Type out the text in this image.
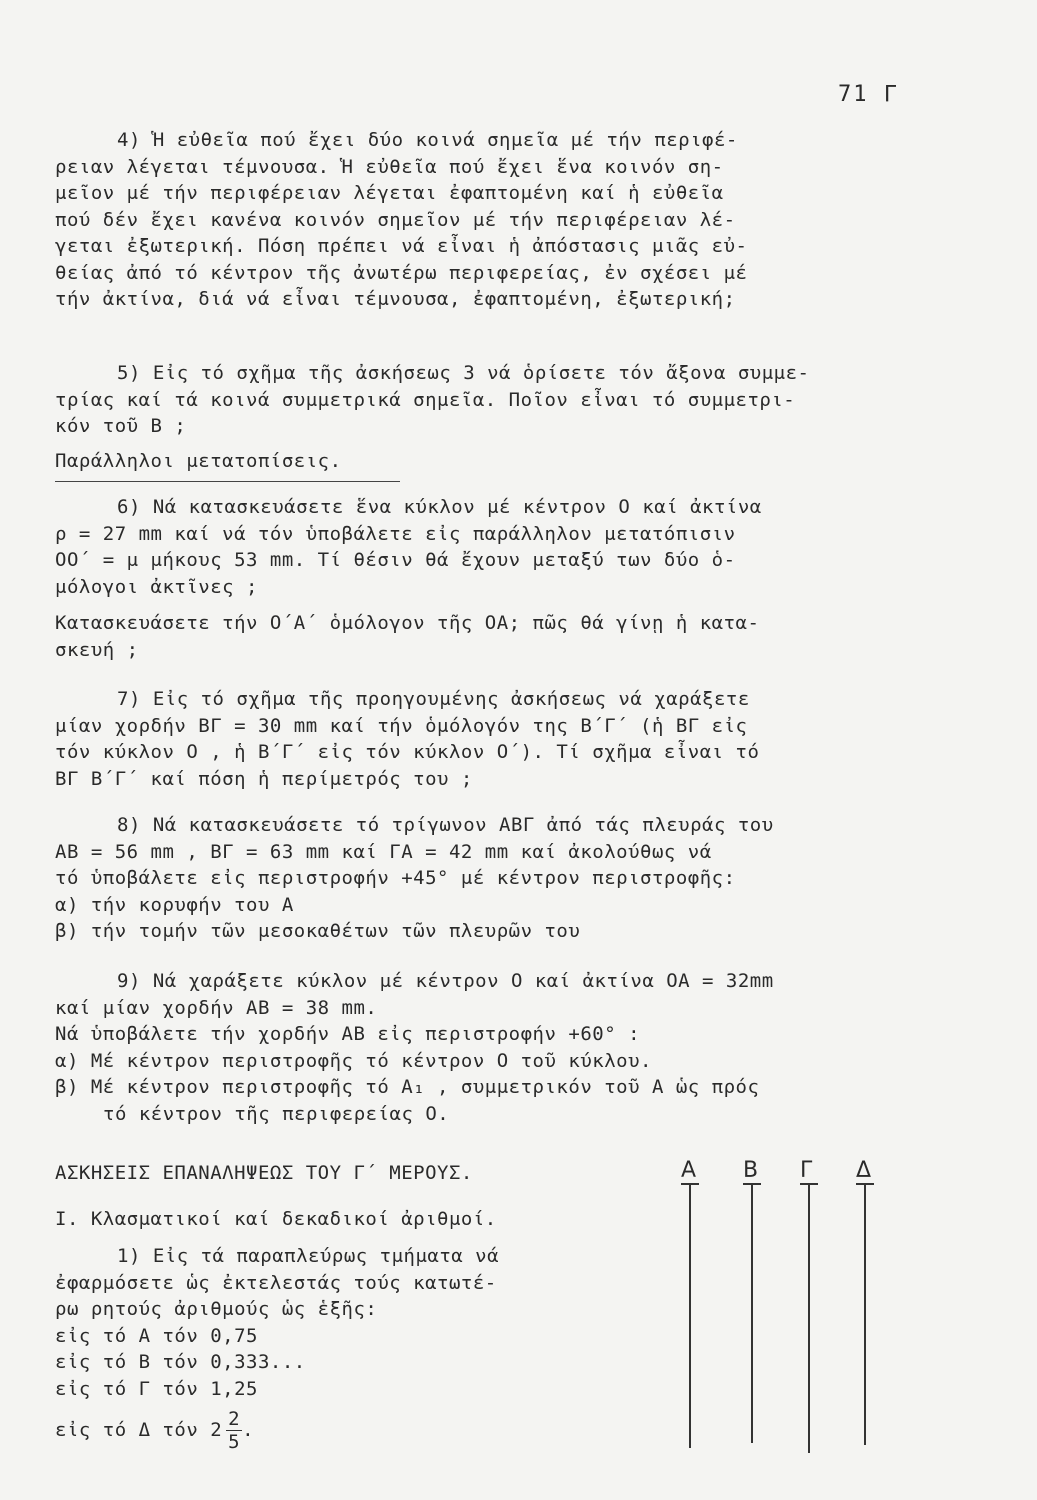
71 Γ
4) Ἡ εὐθεῖα πού ἔχει δύο κοινά σημεῖα μέ τήν περιφέ-
ρειαν λέγεται τέμνουσα. Ἡ εὐθεῖα πού ἔχει ἕνα κοινόν ση-
μεῖον μέ τήν περιφέρειαν λέγεται ἐφαπτομένη καί ἡ εὐθεῖα
πού δέν ἔχει κανένα κοινόν σημεῖον μέ τήν περιφέρειαν λέ-
γεται ἐξωτερική. Πόση πρέπει νά εἶναι ἡ ἀπόστασις μιᾶς εὐ-
θείας ἀπό τό κέντρον τῆς ἀνωτέρω περιφερείας, ἐν σχέσει μέ
τήν ἀκτίνα, διά νά εἶναι τέμνουσα, ἐφαπτομένη, ἐξωτερική;
5) Εἰς τό σχῆμα τῆς ἀσκήσεως 3 νά ὁρίσετε τόν ἄξονα συμμε-
τρίας καί τά κοινά συμμετρικά σημεῖα. Ποῖον εἶναι τό συμμετρι-
κόν τοῦ Β ;
Παράλληλοι μετατοπίσεις.
6) Νά κατασκευάσετε ἕνα κύκλον μέ κέντρον Ο καί ἀκτίνα
ρ = 27 mm καί νά τόν ὑποβάλετε εἰς παράλληλον μετατόπισιν
ΟΟ΄ = μ μήκους 53 mm. Τί θέσιν θά ἔχουν μεταξύ των δύο ὁ-
μόλογοι ἀκτῖνες ;
Κατασκευάσετε τήν Ο΄Α΄ ὁμόλογον τῆς ΟΑ; πῶς θά γίνῃ ἡ κατα-
σκευή ;
7) Εἰς τό σχῆμα τῆς προηγουμένης ἀσκήσεως νά χαράξετε
μίαν χορδήν ΒΓ = 30 mm καί τήν ὁμόλογόν της Β΄Γ΄ (ἡ ΒΓ εἰς
τόν κύκλον Ο , ἡ Β΄Γ΄ εἰς τόν κύκλον Ο΄). Τί σχῆμα εἶναι τό
ΒΓ Β΄Γ΄ καί πόση ἡ περίμετρός του ;
8) Νά κατασκευάσετε τό τρίγωνον ΑΒΓ ἀπό τάς πλευράς του
ΑΒ = 56 mm , ΒΓ = 63 mm καί ΓΑ = 42 mm καί ἀκολούθως νά
τό ὑποβάλετε εἰς περιστροφήν +45° μέ κέντρον περιστροφῆς:
α) τήν κορυφήν του Α
β) τήν τομήν τῶν μεσοκαθέτων τῶν πλευρῶν του
9) Νά χαράξετε κύκλον μέ κέντρον Ο καί ἀκτίνα ΟΑ = 32mm
καί μίαν χορδήν ΑΒ = 38 mm.
Νά ὑποβάλετε τήν χορδήν ΑΒ εἰς περιστροφήν +60° :
α) Μέ κέντρον περιστροφῆς τό κέντρον Ο τοῦ κύκλου.
β) Μέ κέντρον περιστροφῆς τό Α₁ , συμμετρικόν τοῦ Α ὡς πρός
τό κέντρον τῆς περιφερείας Ο.
ΑΣΚΗΣΕΙΣ ΕΠΑΝΑΛΗΨΕΩΣ ΤΟΥ Γ΄ ΜΕΡΟΥΣ.
I. Κλασματικοί καί δεκαδικοί ἀριθμοί.
1) Εἰς τά παραπλεύρως τμήματα νά
ἐφαρμόσετε ὡς ἐκτελεστάς τούς κατωτέ-
ρω ρητούς ἀριθμούς ὡς ἑξῆς:
εἰς τό Α τόν 0,75
εἰς τό Β τόν 0,333...
εἰς τό Γ τόν 1,25
εἰς τό Δ τόν $2 \frac{2}{5}$ .
Α Β Γ Δ
